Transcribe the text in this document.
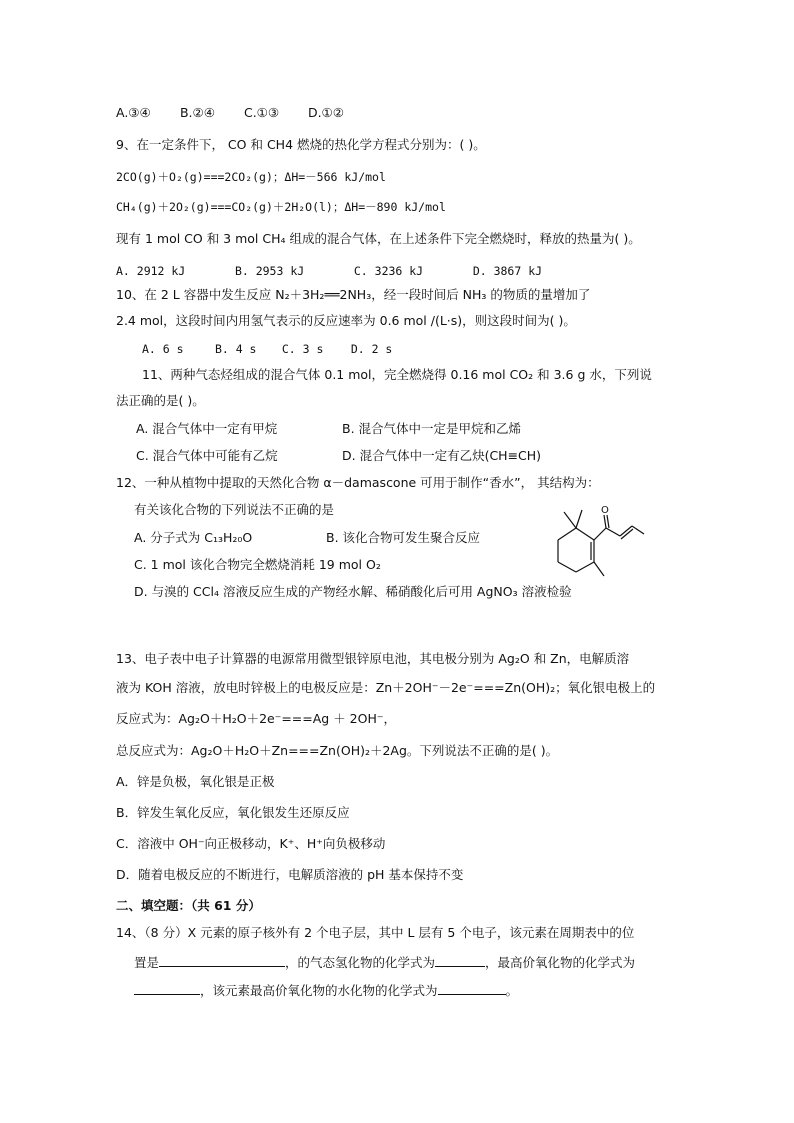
A.③④ B.②④ C.①③ D.①②
9、在一定条件下， CO 和 CH4 燃烧的热化学方程式分别为：( )。
2CO(g)＋O₂(g)===2CO₂(g)；ΔH=－566 kJ/mol
CH₄(g)＋2O₂(g)===CO₂(g)＋2H₂O(l)；ΔH=－890 kJ/mol
现有 1 mol CO 和 3 mol CH₄ 组成的混合气体，在上述条件下完全燃烧时，释放的热量为( )。
A. 2912 kJ	B. 2953 kJ	C. 3236 kJ	D. 3867 kJ
10、在 2 L 容器中发生反应 N₂＋3H₂══2NH₃，经一段时间后 NH₃ 的物质的量增加了
2.4 mol，这段时间内用氢气表示的反应速率为 0.6 mol /(L·s)，则这段时间为( )。
A. 6 s	B. 4 s C. 3 s D. 2 s
11、两种气态烃组成的混合气体 0.1 mol，完全燃烧得 0.16 mol CO₂ 和 3.6 g 水，下列说
法正确的是( )。
A. 混合气体中一定有甲烷	B. 混合气体中一定是甲烷和乙烯
C. 混合气体中可能有乙烷	D. 混合气体中一定有乙炔(CH≡CH)
12、一种从植物中提取的天然化合物 α－damascone 可用于制作“香水”， 其结构为：
有关该化合物的下列说法不正确的是
A. 分子式为 C₁₃H₂₀O	B. 该化合物可发生聚合反应
C. 1 mol 该化合物完全燃烧消耗 19 mol O₂
D. 与溴的 CCl₄ 溶液反应生成的产物经水解、稀硝酸化后可用 AgNO₃ 溶液检验
O
13、电子表中电子计算器的电源常用微型银锌原电池，其电极分别为 Ag₂O 和 Zn，电解质溶
液为 KOH 溶液，放电时锌极上的电极反应是：Zn＋2OH⁻－2e⁻===Zn(OH)₂；氧化银电极上的
反应式为：Ag₂O＋H₂O＋2e⁻===Ag ＋ 2OH⁻，
总反应式为：Ag₂O＋H₂O＋Zn===Zn(OH)₂＋2Ag。下列说法不正确的是( )。
A．锌是负极，氧化银是正极
B．锌发生氧化反应，氧化银发生还原反应
C．溶液中 OH⁻向正极移动，K⁺、H⁺向负极移动
D．随着电极反应的不断进行，电解质溶液的 pH 基本保持不变
二、填空题：（共 61 分）
14、（8 分）X 元素的原子核外有 2 个电子层，其中 L 层有 5 个电子，该元素在周期表中的位
置是	，的气态氢化物的化学式为	，最高价氧化物的化学式为
，该元素最高价氧化物的水化物的化学式为	。
